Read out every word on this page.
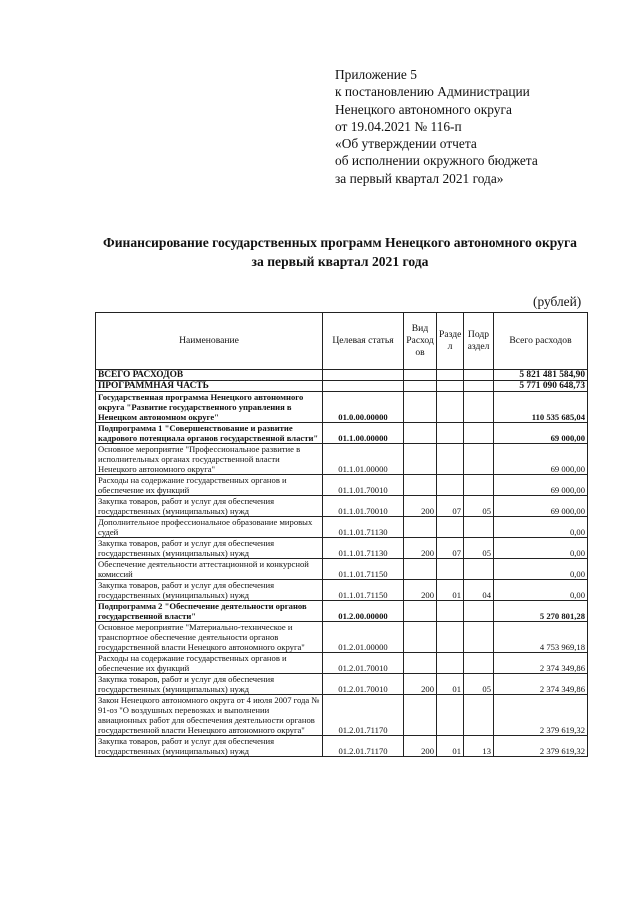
Приложение 5
к постановлению Администрации
Ненецкого автономного округа
от 19.04.2021 № 116-п
«Об утверждении отчета
об исполнении окружного бюджета
за первый квартал 2021 года»
Финансирование государственных программ Ненецкого автономного округа
за первый квартал 2021 года
(рублей)
Наименование	Целевая статья	Вид Расход ов	Разде л	Подр аздел	Всего расходов
ВСЕГО РАСХОДОВ					5 821 481 584,90
ПРОГРАММНАЯ ЧАСТЬ					5 771 090 648,73
Государственная программа Ненецкого автономного округа "Развитие государственного управления в Ненецком автономном округе"	01.0.00.00000				110 535 685,04
Подпрограмма 1 "Совершенствование и развитие кадрового потенциала органов государственной власти"	01.1.00.00000				69 000,00
Основное мероприятие "Профессиональное развитие в исполнительных органах государственной власти Ненецкого автономного округа"	01.1.01.00000				69 000,00
Расходы на содержание государственных органов и обеспечение их функций	01.1.01.70010				69 000,00
Закупка товаров, работ и услуг для обеспечения государственных (муниципальных) нужд	01.1.01.70010	200	07	05	69 000,00
Дополнительное профессиональное образование мировых судей	01.1.01.71130				0,00
Закупка товаров, работ и услуг для обеспечения государственных (муниципальных) нужд	01.1.01.71130	200	07	05	0,00
Обеспечение деятельности аттестационной и конкурсной комиссий	01.1.01.71150				0,00
Закупка товаров, работ и услуг для обеспечения государственных (муниципальных) нужд	01.1.01.71150	200	01	04	0,00
Подпрограмма 2 "Обеспечение деятельности органов государственной власти"	01.2.00.00000				5 270 801,28
Основное мероприятие "Материально-техническое и транспортное обеспечение деятельности органов государственной власти Ненецкого автономного округа"	01.2.01.00000				4 753 969,18
Расходы на содержание государственных органов и обеспечение их функций	01.2.01.70010				2 374 349,86
Закупка товаров, работ и услуг для обеспечения государственных (муниципальных) нужд	01.2.01.70010	200	01	05	2 374 349,86
Закон Ненецкого автономного округа от 4 июля 2007 года № 91-оз "О воздушных перевозках и выполнении авиационных работ для обеспечения деятельности органов государственной власти Ненецкого автономного округа"	01.2.01.71170				2 379 619,32
Закупка товаров, работ и услуг для обеспечения государственных (муниципальных) нужд	01.2.01.71170	200	01	13	2 379 619,32
